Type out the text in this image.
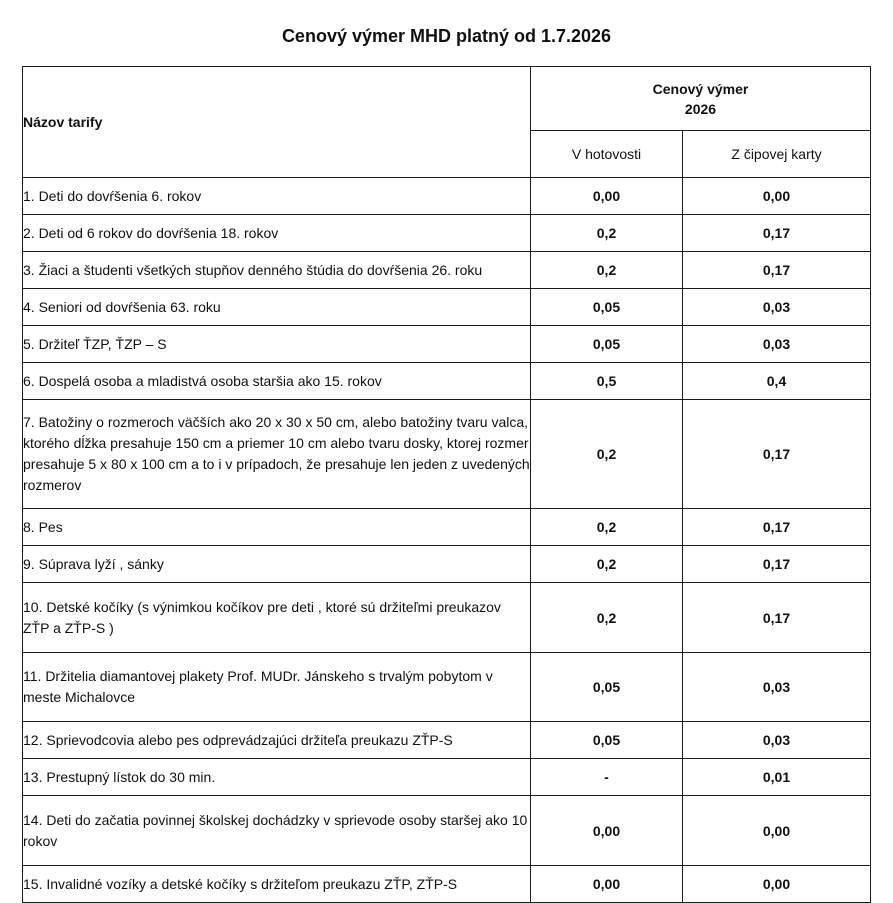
Cenový výmer MHD platný od 1.7.2026
Názov tarify	Cenový výmer
2026	
	V hotovosti	Z čipovej karty
1. Deti do dovŕšenia 6. rokov	0,00	0,00
2. Deti od 6 rokov do dovŕšenia 18. rokov	0,2	0,17
3. Žiaci a študenti všetkých stupňov denného štúdia do dovŕšenia 26. roku	0,2	0,17
4. Seniori od dovŕšenia 63. roku	0,05	0,03
5. Držiteľ ŤZP, ŤZP – S	0,05	0,03
6. Dospelá osoba a mladistvá osoba staršia ako 15. rokov	0,5	0,4
7. Batožiny o rozmeroch väčších ako 20 x 30 x 50 cm, alebo batožiny tvaru valca, ktorého dĺžka presahuje 150 cm a priemer 10 cm alebo tvaru dosky, ktorej rozmer presahuje 5 x 80 x 100 cm a to i v prípadoch, že presahuje len jeden z uvedených rozmerov	0,2	0,17
8. Pes	0,2	0,17
9. Súprava lyží , sánky	0,2	0,17
10. Detské kočíky (s výnimkou kočíkov pre deti , ktoré sú držiteľmi preukazov ZŤP a ZŤP-S )	0,2	0,17
11. Držitelia diamantovej plakety Prof. MUDr. Jánskeho s trvalým pobytom v meste Michalovce	0,05	0,03
12. Sprievodcovia alebo pes odprevádzajúci držiteľa preukazu ZŤP-S	0,05	0,03
13. Prestupný lístok do 30 min.	-	0,01
14. Deti do začatia povinnej školskej dochádzky v sprievode osoby staršej ako 10 rokov	0,00	0,00
15. Invalidné vozíky a detské kočíky s držiteľom preukazu ZŤP, ZŤP-S	0,00	0,00
